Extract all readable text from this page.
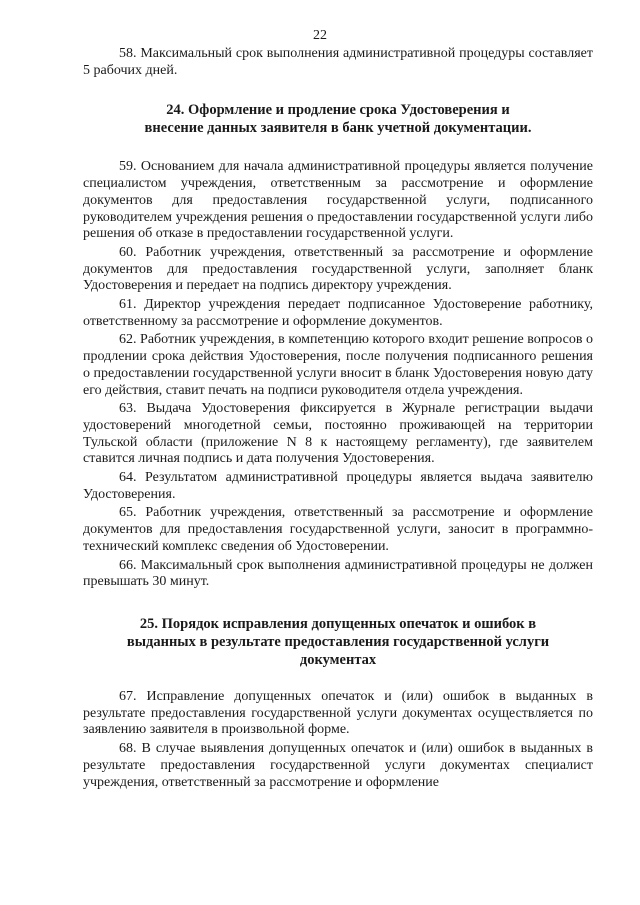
22

58. Максимальный срок выполнения административной процедуры составляет 5 рабочих дней.

24. Оформление и продление срока Удостоверения и
внесение данных заявителя в банк учетной документации.

59. Основанием для начала административной процедуры является получение специалистом учреждения, ответственным за рассмотрение и оформление документов для предоставления государственной услуги, подписанного руководителем учреждения решения о предоставлении государственной услуги либо решения об отказе в предоставлении государственной услуги.

60. Работник учреждения, ответственный за рассмотрение и оформление документов для предоставления государственной услуги, заполняет бланк Удостоверения и передает на подпись директору учреждения.

61. Директор учреждения передает подписанное Удостоверение работнику, ответственному за рассмотрение и оформление документов.

62. Работник учреждения, в компетенцию которого входит решение вопросов о продлении срока действия Удостоверения, после получения подписанного решения о предоставлении государственной услуги вносит в бланк Удостоверения новую дату его действия, ставит печать на подписи руководителя отдела учреждения.

63. Выдача Удостоверения фиксируется в Журнале регистрации выдачи удостоверений многодетной семьи, постоянно проживающей на территории Тульской области (приложение N 8 к настоящему регламенту), где заявителем ставится личная подпись и дата получения Удостоверения.

64. Результатом административной процедуры является выдача заявителю Удостоверения.

65. Работник учреждения, ответственный за рассмотрение и оформление документов для предоставления государственной услуги, заносит в программно-технический комплекс сведения об Удостоверении.

66. Максимальный срок выполнения административной процедуры не должен превышать 30 минут.

25. Порядок исправления допущенных опечаток и ошибок в
выданных в результате предоставления государственной услуги
документах

67. Исправление допущенных опечаток и (или) ошибок в выданных в результате предоставления государственной услуги документах осуществляется по заявлению заявителя в произвольной форме.

68. В случае выявления допущенных опечаток и (или) ошибок в выданных в результате предоставления государственной услуги документах специалист учреждения, ответственный за рассмотрение и оформление
